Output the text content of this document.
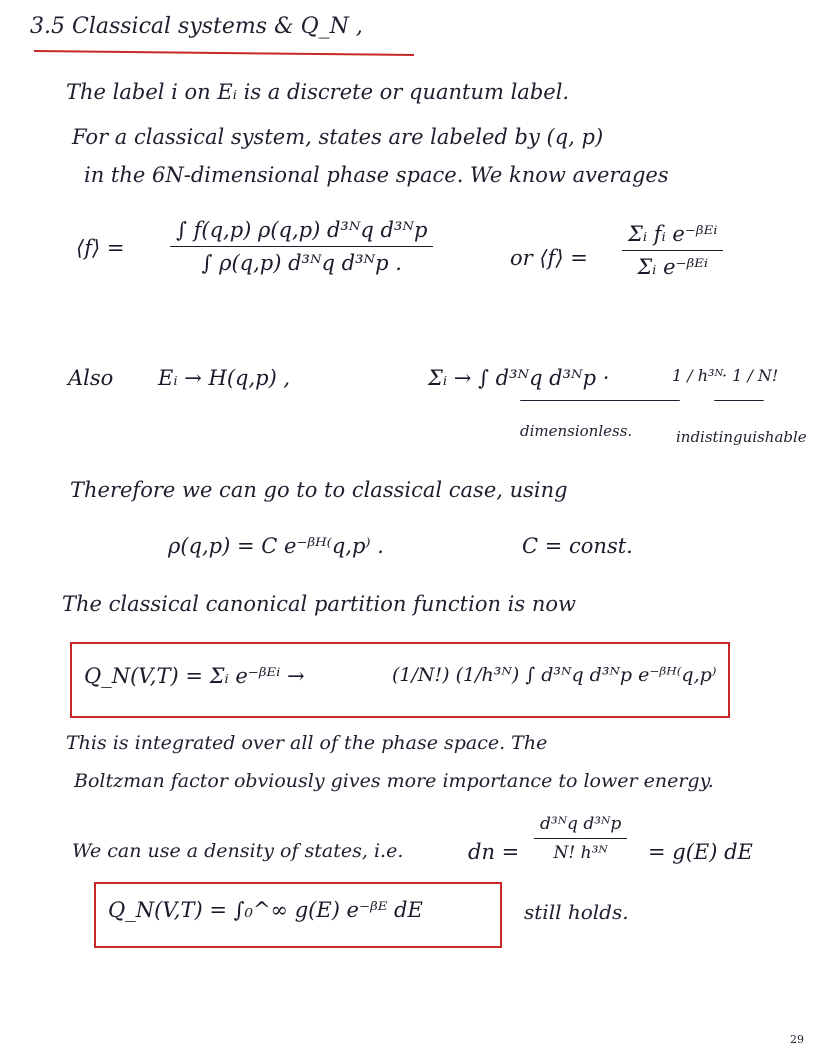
3.5 Classical systems & Q_N ,
The label i on Eᵢ is a discrete or quantum label.
For a classical system, states are labeled by (q, p)
in the 6N-dimensional phase space. We know averages
⟨f⟩ = $\frac{\text{∫ f(q,p) ρ(q,p) d³ᴺq d³ᴺp}}{\text{∫ ρ(q,p) d³ᴺq d³ᴺp .}}$	or ⟨f⟩ = $\frac{\text{Σᵢ fᵢ e⁻ᵝᴱⁱ}}{\text{Σᵢ e⁻ᵝᴱⁱ}}$
Also Eᵢ → H(q,p) ,	Σᵢ → ∫ d³ᴺq d³ᴺp ·	1 / h³ᴺ
· 1 / N!
dimensionless.	indistinguishable
Therefore we can go to to classical case, using
ρ(q,p) = C e⁻ᵝᴴ⁽q,p⁾ .	C = const.
The classical canonical partition function is now
Q_N(V,T) = Σᵢ e⁻ᵝᴱⁱ →	(1/N!) (1/h³ᴺ) ∫ d³ᴺq d³ᴺp e⁻ᵝᴴ⁽q,p⁾
This is integrated over all of the phase space. The
Boltzman factor obviously gives more importance to lower energy.
We can use a density of states, i.e.	dn = $\frac{\text{d³ᴺq d³ᴺp}}{\text{N! h³ᴺ}} = g(E)$ dE
Q_N(V,T) = ∫₀^∞ g(E) e⁻ᵝᴱ dE	still holds.
29
